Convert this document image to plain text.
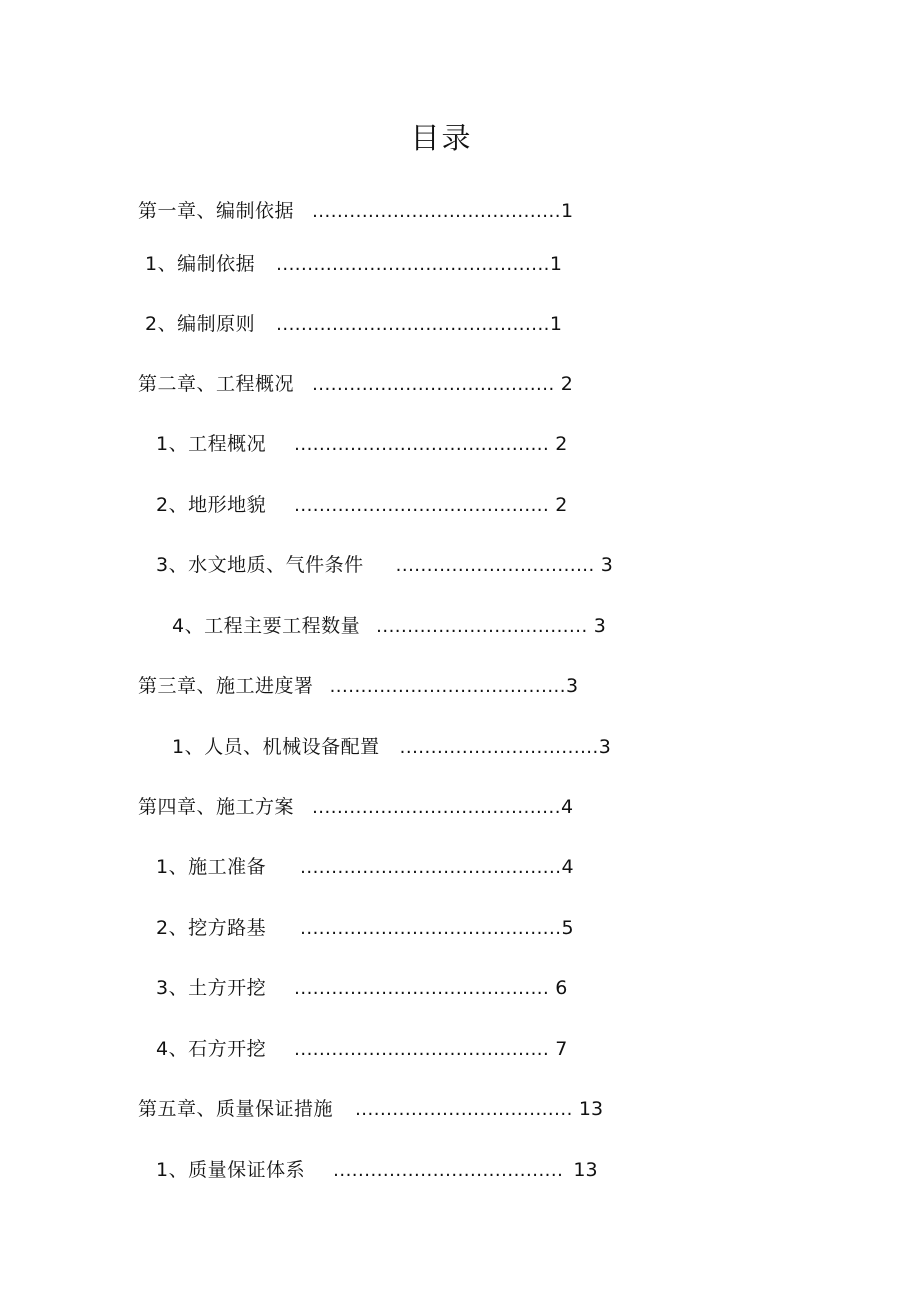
目录
第一章、编制依据 ........................................1
1、编制依据 ............................................1
2、编制原则 ............................................1
第二章、工程概况 ....................................... 2
1、工程概况 ......................................... 2
2、地形地貌 ......................................... 2
3、水文地质、气件条件 ................................ 3
4、工程主要工程数量 .................................. 3
第三章、施工进度署 ......................................3
1、人员、机械设备配置 ................................3
第四章、施工方案 ........................................4
1、施工准备 ..........................................4
2、挖方路基 ..........................................5
3、土方开挖 ......................................... 6
4、石方开挖 ......................................... 7
第五章、质量保证措施 ................................... 13
1、质量保证体系 ..................................... 13
